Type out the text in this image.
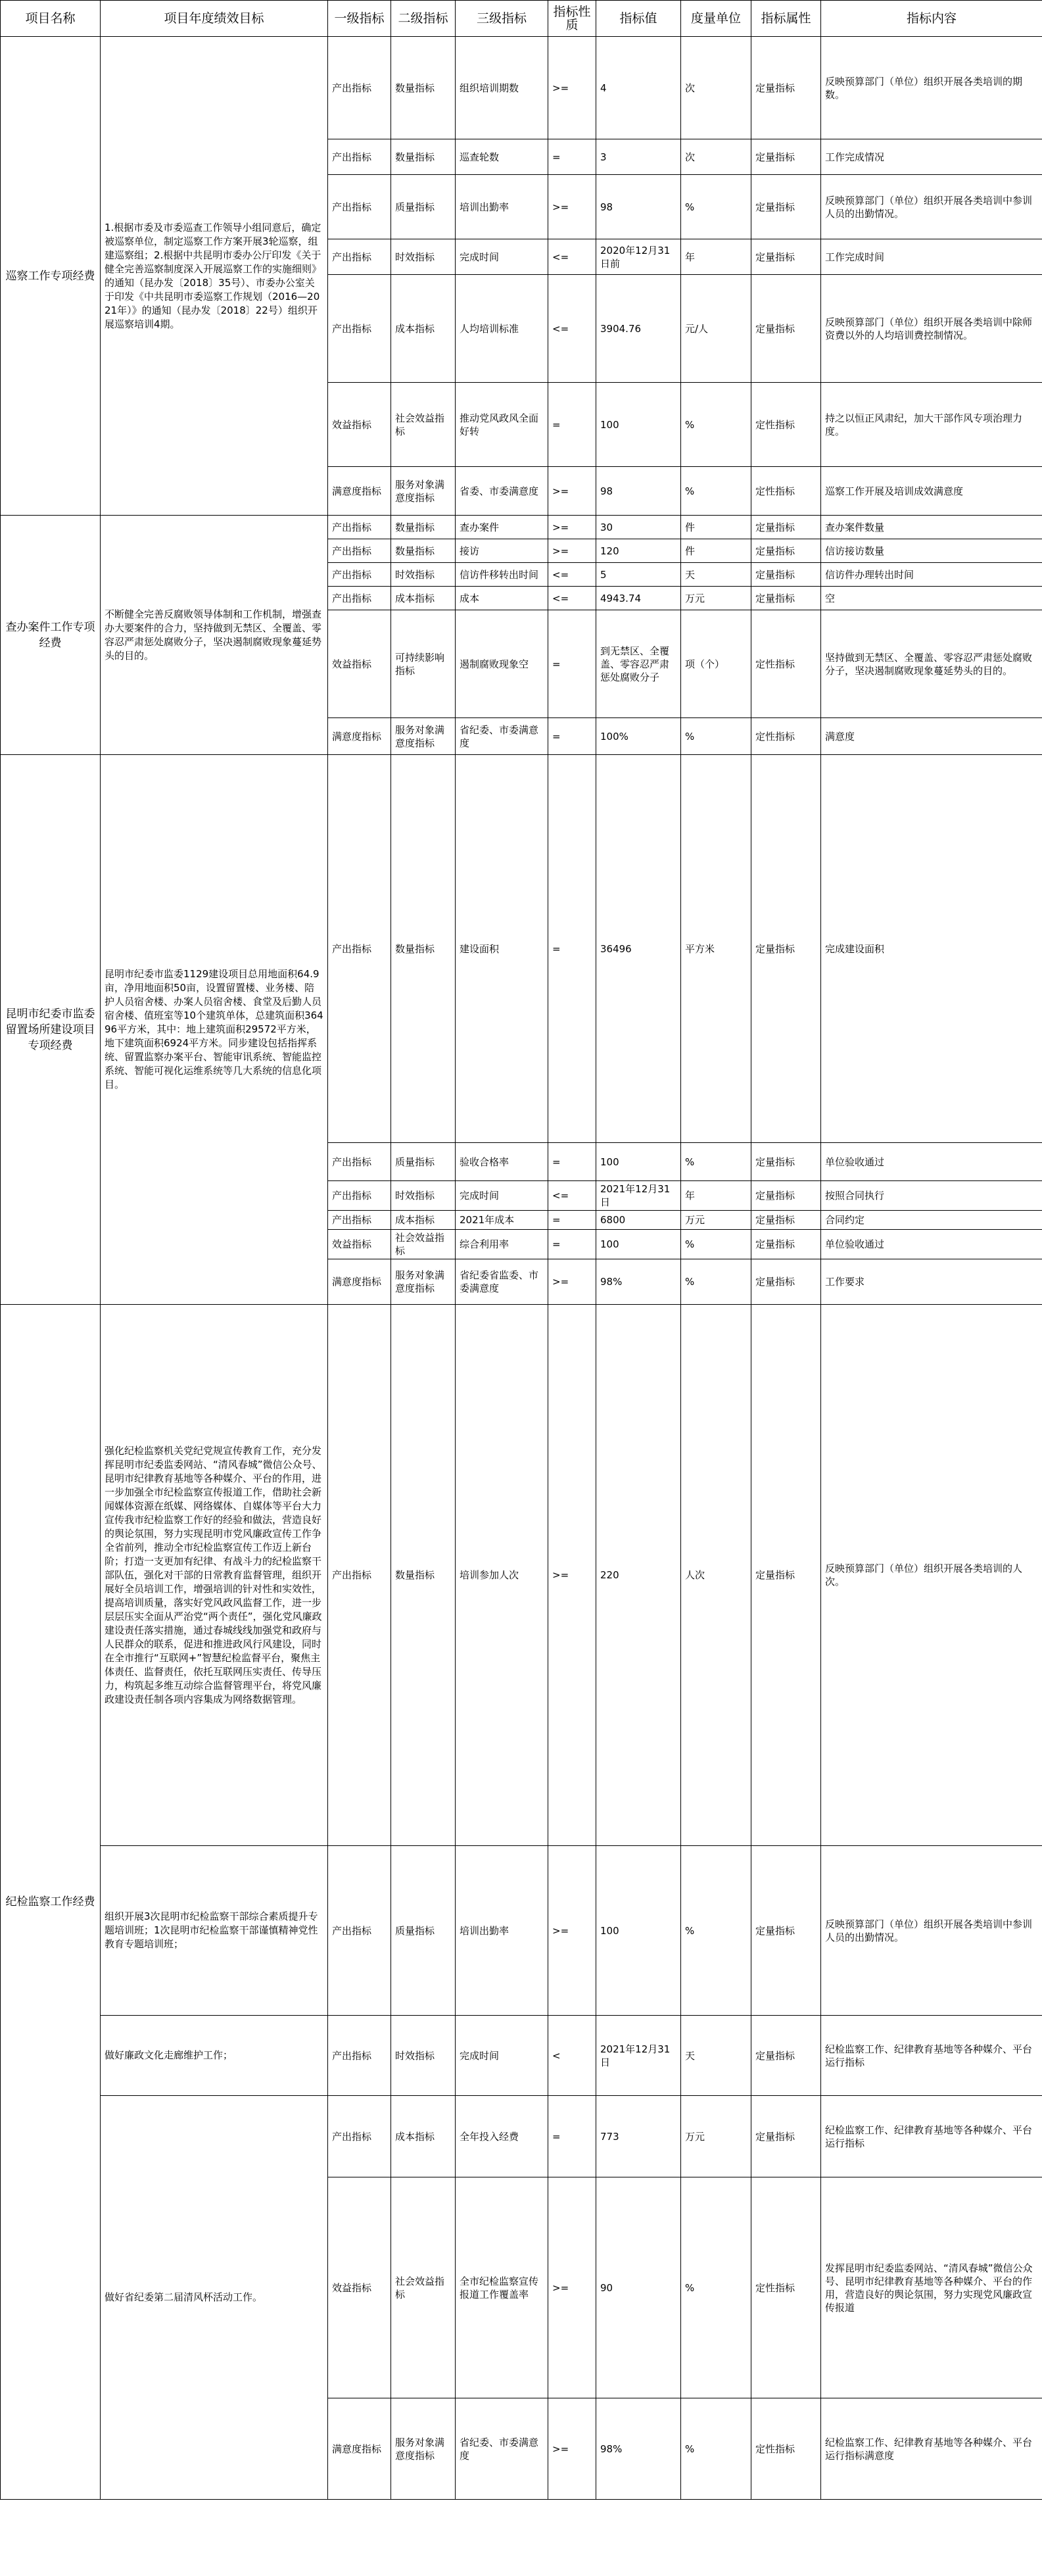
项目名称	项目年度绩效目标	一级指标	二级指标	三级指标	指标性质	指标值	度量单位	指标属性	指标内容
巡察工作专项经费	1.根据市委及市委巡查工作领导小组同意后，确定被巡察单位，制定巡察工作方案开展3轮巡察，组建巡察组；2.根据中共昆明市委办公厅印发《关于健全完善巡察制度深入开展巡察工作的实施细则》的通知（昆办发〔2018〕35号）、市委办公室关于印发《中共昆明市委巡察工作规划（2016—2021年）》的通知（昆办发〔2018〕22号）组织开展巡察培训4期。	产出指标	数量指标	组织培训期数	>=	4	次	定量指标	反映预算部门（单位）组织开展各类培训的期数。
		产出指标	数量指标	巡查轮数	=	3	次	定量指标	工作完成情况
		产出指标	质量指标	培训出勤率	>=	98	%	定量指标	反映预算部门（单位）组织开展各类培训中参训人员的出勤情况。
		产出指标	时效指标	完成时间	<=	2020年12月31日前	年	定量指标	工作完成时间
		产出指标	成本指标	人均培训标准	<=	3904.76	元/人	定量指标	反映预算部门（单位）组织开展各类培训中除师资费以外的人均培训费控制情况。
		效益指标	社会效益指标	推动党风政风全面好转	=	100	%	定性指标	持之以恒正风肃纪，加大干部作风专项治理力度。
		满意度指标	服务对象满意度指标	省委、市委满意度	>=	98	%	定性指标	巡察工作开展及培训成效满意度
查办案件工作专项经费	不断健全完善反腐败领导体制和工作机制，增强查办大要案件的合力，坚持做到无禁区、全覆盖、零容忍严肃惩处腐败分子，坚决遏制腐败现象蔓延势头的目的。	产出指标	数量指标	查办案件	>=	30	件	定量指标	查办案件数量
		产出指标	数量指标	接访	>=	120	件	定量指标	信访接访数量
		产出指标	时效指标	信访件移转出时间	<=	5	天	定量指标	信访件办理转出时间
		产出指标	成本指标	成本	<=	4943.74	万元	定量指标	空
		效益指标	可持续影响指标	遏制腐败现象空	=	到无禁区、全覆盖、零容忍严肃惩处腐败分子	项（个）	定性指标	坚持做到无禁区、全覆盖、零容忍严肃惩处腐败分子，坚决遏制腐败现象蔓延势头的目的。
		满意度指标	服务对象满意度指标	省纪委、市委满意度	=	100%	%	定性指标	满意度
昆明市纪委市监委留置场所建设项目专项经费	昆明市纪委市监委1129建设项目总用地面积64.9亩，净用地面积50亩，设置留置楼、业务楼、陪护人员宿舍楼、办案人员宿舍楼、食堂及后勤人员宿舍楼、值班室等10个建筑单体，总建筑面积36496平方米，其中：地上建筑面积29572平方米，地下建筑面积6924平方米。同步建设包括指挥系统、留置监察办案平台、智能审讯系统、智能监控系统、智能可视化运维系统等几大系统的信息化项目。	产出指标	数量指标	建设面积	=	36496	平方米	定量指标	完成建设面积
		产出指标	质量指标	验收合格率	=	100	%	定量指标	单位验收通过
		产出指标	时效指标	完成时间	<=	2021年12月31日	年	定量指标	按照合同执行
		产出指标	成本指标	2021年成本	=	6800	万元	定量指标	合同约定
		效益指标	社会效益指标	综合利用率	=	100	%	定量指标	单位验收通过
		满意度指标	服务对象满意度指标	省纪委省监委、市委满意度	>=	98%	%	定量指标	工作要求
纪检监察工作经费	强化纪检监察机关党纪党规宣传教育工作，充分发挥昆明市纪委监委网站、“清风春城”微信公众号、昆明市纪律教育基地等各种媒介、平台的作用，进一步加强全市纪检监察宣传报道工作，借助社会新闻媒体资源在纸媒、网络媒体、自媒体等平台大力宣传我市纪检监察工作好的经验和做法，营造良好的舆论氛围，努力实现昆明市党风廉政宣传工作争全省前列，推动全市纪检监察宣传工作迈上新台阶；打造一支更加有纪律、有战斗力的纪检监察干部队伍，强化对干部的日常教育监督管理，组织开展好全员培训工作，增强培训的针对性和实效性，提高培训质量，落实好党风政风监督工作，进一步层层压实全面从严治党“两个责任”，强化党风廉政建设责任落实措施，通过春城线线加强党和政府与人民群众的联系，促进和推进政风行风建设，同时在全市推行“互联网+”智慧纪检监督平台，聚焦主体责任、监督责任，依托互联网压实责任、传导压力，构筑起多维互动综合监督管理平台，将党风廉政建设责任制各项内容集成为网络数据管理。	产出指标	数量指标	培训参加人次	>=	220	人次	定量指标	反映预算部门（单位）组织开展各类培训的人次。
	组织开展3次昆明市纪检监察干部综合素质提升专题培训班；1次昆明市纪检监察干部谨慎精神党性教育专题培训班；	产出指标	质量指标	培训出勤率	>=	100	%	定量指标	反映预算部门（单位）组织开展各类培训中参训人员的出勤情况。
	做好廉政文化走廊维护工作；	产出指标	时效指标	完成时间	<	2021年12月31日	天	定量指标	纪检监察工作、纪律教育基地等各种媒介、平台运行指标
	做好省纪委第二届清风杯活动工作。	产出指标	成本指标	全年投入经费	=	773	万元	定量指标	纪检监察工作、纪律教育基地等各种媒介、平台运行指标
		效益指标	社会效益指标	全市纪检监察宣传报道工作覆盖率	>=	90	%	定性指标	发挥昆明市纪委监委网站、“清风春城”微信公众号、昆明市纪律教育基地等各种媒介、平台的作用，营造良好的舆论氛围，努力实现党风廉政宣传报道
		满意度指标	服务对象满意度指标	省纪委、市委满意度	>=	98%	%	定性指标	纪检监察工作、纪律教育基地等各种媒介、平台运行指标满意度
